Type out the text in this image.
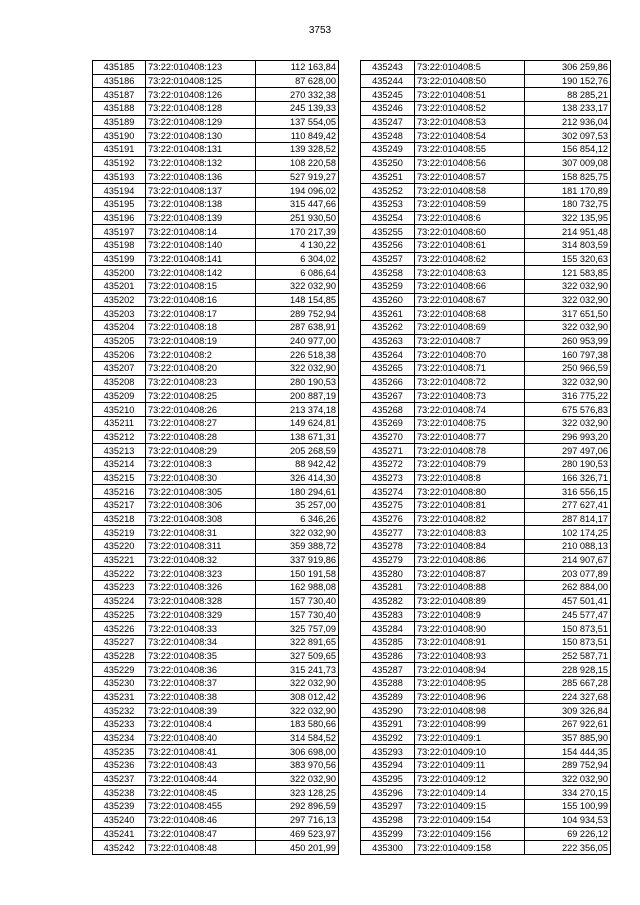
3753
435185	73:22:010408:123	112 163,84
435186	73:22:010408:125	87 628,00
435187	73:22:010408:126	270 332,38
435188	73:22:010408:128	245 139,33
435189	73:22:010408:129	137 554,05
435190	73:22:010408:130	110 849,42
435191	73:22:010408:131	139 328,52
435192	73:22:010408:132	108 220,58
435193	73:22:010408:136	527 919,27
435194	73:22:010408:137	194 096,02
435195	73:22:010408:138	315 447,66
435196	73:22:010408:139	251 930,50
435197	73:22:010408:14	170 217,39
435198	73:22:010408:140	4 130,22
435199	73:22:010408:141	6 304,02
435200	73:22:010408:142	6 086,64
435201	73:22:010408:15	322 032,90
435202	73:22:010408:16	148 154,85
435203	73:22:010408:17	289 752,94
435204	73:22:010408:18	287 638,91
435205	73:22:010408:19	240 977,00
435206	73:22:010408:2	226 518,38
435207	73:22:010408:20	322 032,90
435208	73:22:010408:23	280 190,53
435209	73:22:010408:25	200 887,19
435210	73:22:010408:26	213 374,18
435211	73:22:010408:27	149 624,81
435212	73:22:010408:28	138 671,31
435213	73:22:010408:29	205 268,59
435214	73:22:010408:3	88 942,42
435215	73:22:010408:30	326 414,30
435216	73:22:010408:305	180 294,61
435217	73:22:010408:306	35 257,00
435218	73:22:010408:308	6 346,26
435219	73:22:010408:31	322 032,90
435220	73:22:010408:311	359 388,72
435221	73:22:010408:32	337 919,86
435222	73:22:010408:323	150 191,58
435223	73:22:010408:326	162 988,08
435224	73:22:010408:328	157 730,40
435225	73:22:010408:329	157 730,40
435226	73:22:010408:33	325 757,09
435227	73:22:010408:34	322 891,65
435228	73:22:010408:35	327 509,65
435229	73:22:010408:36	315 241,73
435230	73:22:010408:37	322 032,90
435231	73:22:010408:38	308 012,42
435232	73:22:010408:39	322 032,90
435233	73:22:010408:4	183 580,66
435234	73:22:010408:40	314 584,52
435235	73:22:010408:41	306 698,00
435236	73:22:010408:43	383 970,56
435237	73:22:010408:44	322 032,90
435238	73:22:010408:45	323 128,25
435239	73:22:010408:455	292 896,59
435240	73:22:010408:46	297 716,13
435241	73:22:010408:47	469 523,97
435242	73:22:010408:48	450 201,99
435243	73:22:010408:5	306 259,86
435244	73:22:010408:50	190 152,76
435245	73:22:010408:51	88 285,21
435246	73:22:010408:52	138 233,17
435247	73:22:010408:53	212 936,04
435248	73:22:010408:54	302 097,53
435249	73:22:010408:55	156 854,12
435250	73:22:010408:56	307 009,08
435251	73:22:010408:57	158 825,75
435252	73:22:010408:58	181 170,89
435253	73:22:010408:59	180 732,75
435254	73:22:010408:6	322 135,95
435255	73:22:010408:60	214 951,48
435256	73:22:010408:61	314 803,59
435257	73:22:010408:62	155 320,63
435258	73:22:010408:63	121 583,85
435259	73:22:010408:66	322 032,90
435260	73:22:010408:67	322 032,90
435261	73:22:010408:68	317 651,50
435262	73:22:010408:69	322 032,90
435263	73:22:010408:7	260 953,99
435264	73:22:010408:70	160 797,38
435265	73:22:010408:71	250 966,59
435266	73:22:010408:72	322 032,90
435267	73:22:010408:73	316 775,22
435268	73:22:010408:74	675 576,83
435269	73:22:010408:75	322 032,90
435270	73:22:010408:77	296 993,20
435271	73:22:010408:78	297 497,06
435272	73:22:010408:79	280 190,53
435273	73:22:010408:8	166 326,71
435274	73:22:010408:80	316 556,15
435275	73:22:010408:81	277 627,41
435276	73:22:010408:82	287 814,17
435277	73:22:010408:83	102 174,25
435278	73:22:010408:84	210 088,13
435279	73:22:010408:86	214 907,67
435280	73:22:010408:87	203 077,89
435281	73:22:010408:88	262 884,00
435282	73:22:010408:89	457 501,41
435283	73:22:010408:9	245 577,47
435284	73:22:010408:90	150 873,51
435285	73:22:010408:91	150 873,51
435286	73:22:010408:93	252 587,71
435287	73:22:010408:94	228 928,15
435288	73:22:010408:95	285 667,28
435289	73:22:010408:96	224 327,68
435290	73:22:010408:98	309 326,84
435291	73:22:010408:99	267 922,61
435292	73:22:010409:1	357 885,90
435293	73:22:010409:10	154 444,35
435294	73:22:010409:11	289 752,94
435295	73:22:010409:12	322 032,90
435296	73:22:010409:14	334 270,15
435297	73:22:010409:15	155 100,99
435298	73:22:010409:154	104 934,53
435299	73:22:010409:156	69 226,12
435300	73:22:010409:158	222 356,05
